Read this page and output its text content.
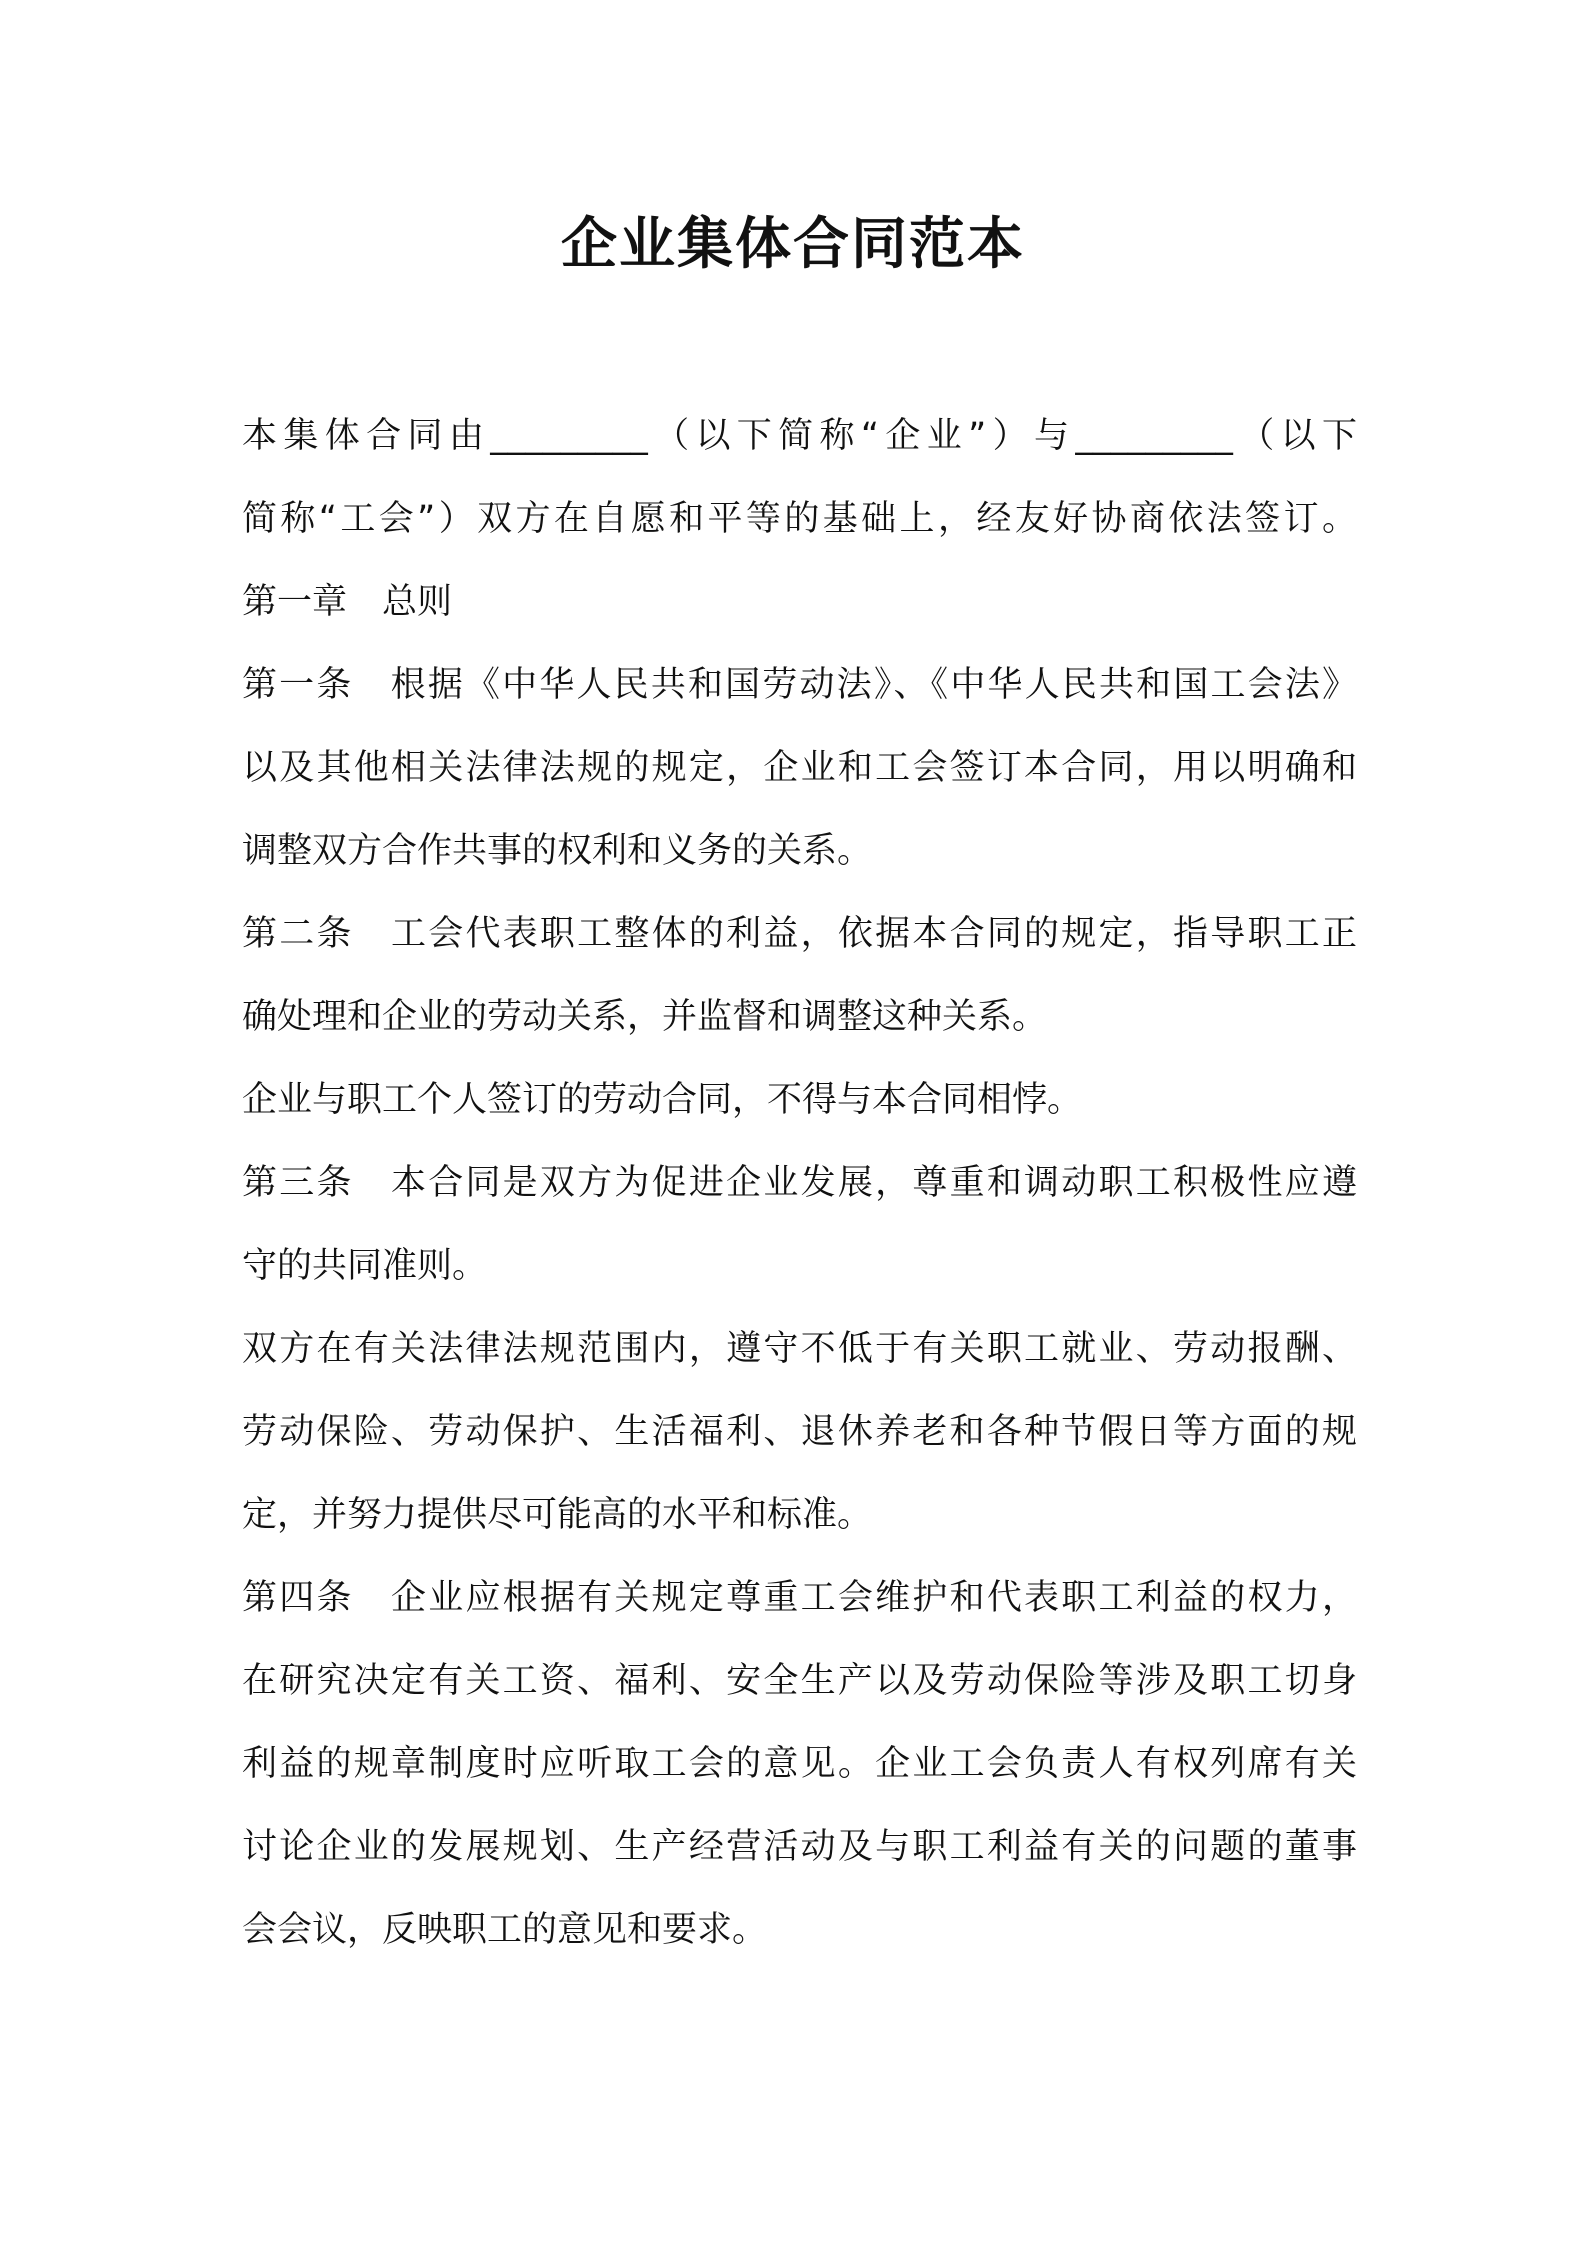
企业集体合同范本
本集体合同由_________（以下简称“企业”）与_________（以下
简称“工会”）双方在自愿和平等的基础上，经友好协商依法签订。
第一章　总则
第一条　根据《中华人民共和国劳动法》、《中华人民共和国工会法》
以及其他相关法律法规的规定，企业和工会签订本合同，用以明确和
调整双方合作共事的权利和义务的关系。
第二条　工会代表职工整体的利益，依据本合同的规定，指导职工正
确处理和企业的劳动关系，并监督和调整这种关系。
企业与职工个人签订的劳动合同，不得与本合同相悖。
第三条　本合同是双方为促进企业发展，尊重和调动职工积极性应遵
守的共同准则。
双方在有关法律法规范围内，遵守不低于有关职工就业、劳动报酬、
劳动保险、劳动保护、生活福利、退休养老和各种节假日等方面的规
定，并努力提供尽可能高的水平和标准。
第四条　企业应根据有关规定尊重工会维护和代表职工利益的权力，
在研究决定有关工资、福利、安全生产以及劳动保险等涉及职工切身
利益的规章制度时应听取工会的意见。企业工会负责人有权列席有关
讨论企业的发展规划、生产经营活动及与职工利益有关的问题的董事
会会议，反映职工的意见和要求。
